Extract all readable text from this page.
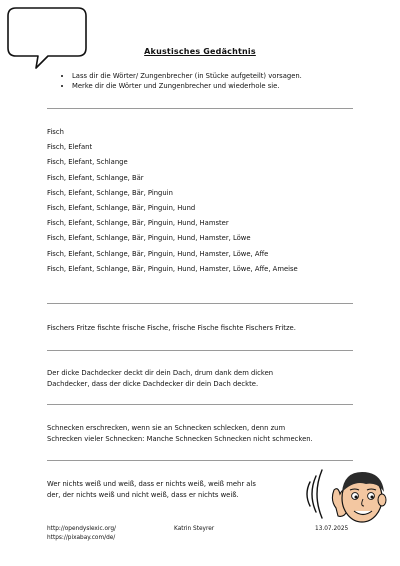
Akustisches Gedächtnis
• Lass dir die Wörter/ Zungenbrecher (in Stücke aufgeteilt) vorsagen.
• Merke dir die Wörter und Zungenbrecher und wiederhole sie.
Fisch
Fisch, Elefant
Fisch, Elefant, Schlange
Fisch, Elefant, Schlange, Bär
Fisch, Elefant, Schlange, Bär, Pinguin
Fisch, Elefant, Schlange, Bär, Pinguin, Hund
Fisch, Elefant, Schlange, Bär, Pinguin, Hund, Hamster
Fisch, Elefant, Schlange, Bär, Pinguin, Hund, Hamster, Löwe
Fisch, Elefant, Schlange, Bär, Pinguin, Hund, Hamster, Löwe, Affe
Fisch, Elefant, Schlange, Bär, Pinguin, Hund, Hamster, Löwe, Affe, Ameise

Fischers Fritze fischte frische Fische, frische Fische fischte Fischers Fritze.

Der dicke Dachdecker deckt dir dein Dach, drum dank dem dicken
Dachdecker, dass der dicke Dachdecker dir dein Dach deckte.

Schnecken erschrecken, wenn sie an Schnecken schlecken, denn zum
Schrecken vieler Schnecken: Manche Schnecken Schnecken nicht schmecken.

Wer nichts weiß und weiß, dass er nichts weiß, weiß mehr als
der, der nichts weiß und nicht weiß, dass er nichts weiß.

http://opendyslexic.org/
https://pixabay.com/de/
Katrin Steyrer	13.07.2025
